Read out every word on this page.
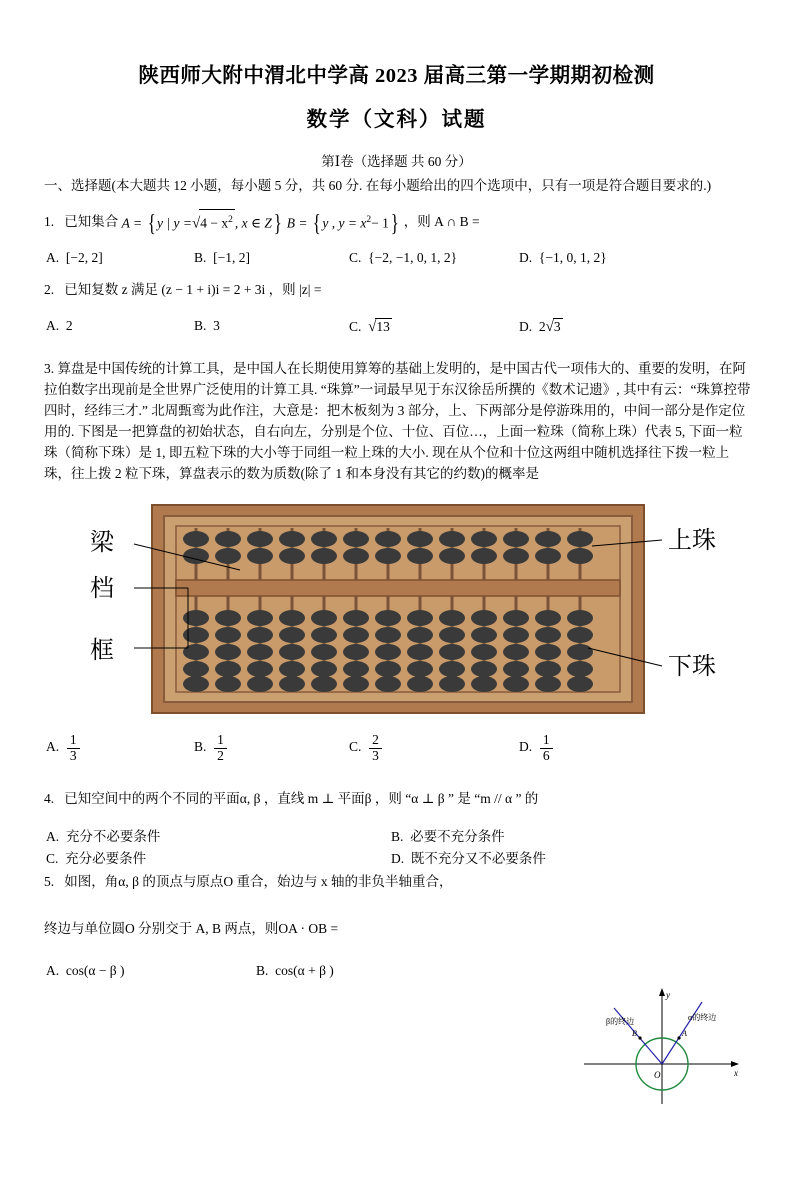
陕西师大附中渭北中学高 2023 届高三第一学期期初检测
数学（文科）试题
第Ⅰ卷（选择题 共 60 分）
一、选择题(本大题共 12 小题，每小题 5 分，共 60 分. 在每小题给出的四个选项中，只有一项是符合题目要求的.)
1. 已知集合 A = { y | $y =√4 - x^2$ , x ∈ Z} B = { y , $y = x^2- 1$} ，则 A ∩ B =
A. [−2, 2]	B. [−1, 2]	C. {−2, −1, 0, 1, 2}	D. {−1, 0, 1, 2}
2. 已知复数 z 满足 (z − 1 + i)i = 2 + 3i ，则 |z| =
A. 2	B. 3	C. √13	D. 2√3
3. 算盘是中国传统的计算工具，是中国人在长期使用算筹的基础上发明的，是中国古代一项伟大的、重要的发明，在阿拉伯数字出现前是全世界广泛使用的计算工具. “珠算”一词最早见于东汉徐岳所撰的《数术记遗》, 其中有云：“珠算控带四时，经纬三才.” 北周甄鸾为此作注，大意是：把木板刻为 3 部分，上、下两部分是停游珠用的，中间一部分是作定位用的. 下图是一把算盘的初始状态，自右向左，分别是个位、十位、百位…，上面一粒珠（简称上珠）代表 5, 下面一粒珠（简称下珠）是 1, 即五粒下珠的大小等于同组一粒上珠的大小. 现在从个位和十位这两组中随机选择往下拨一粒上珠，往上拨 2 粒下珠，算盘表示的数为质数(除了 1 和本身没有其它的约数)的概率是
梁
档
框
上珠
下珠
A. $\frac{1}{3}$	B. $\frac{1}{2}$	C. $\frac{2}{3}$	D. $\frac{1}{6}$
4. 已知空间中的两个不同的平面α, β ，直线 m ⊥ 平面β ，则 “α ⊥ β ” 是 “m // α ” 的
A. 充分不必要条件	B. 必要不充分条件
C. 充分必要条件	D. 既不充分又不必要条件
5. 如图，角α, β 的顶点与原点O 重合，始边与 x 轴的非负半轴重合，
终边与单位圆O 分别交于 A, B 两点，则OA · OB =
A. cos(α − β )	B. cos(α + β )
y
x
O
β的终边	α的终边
B	A
